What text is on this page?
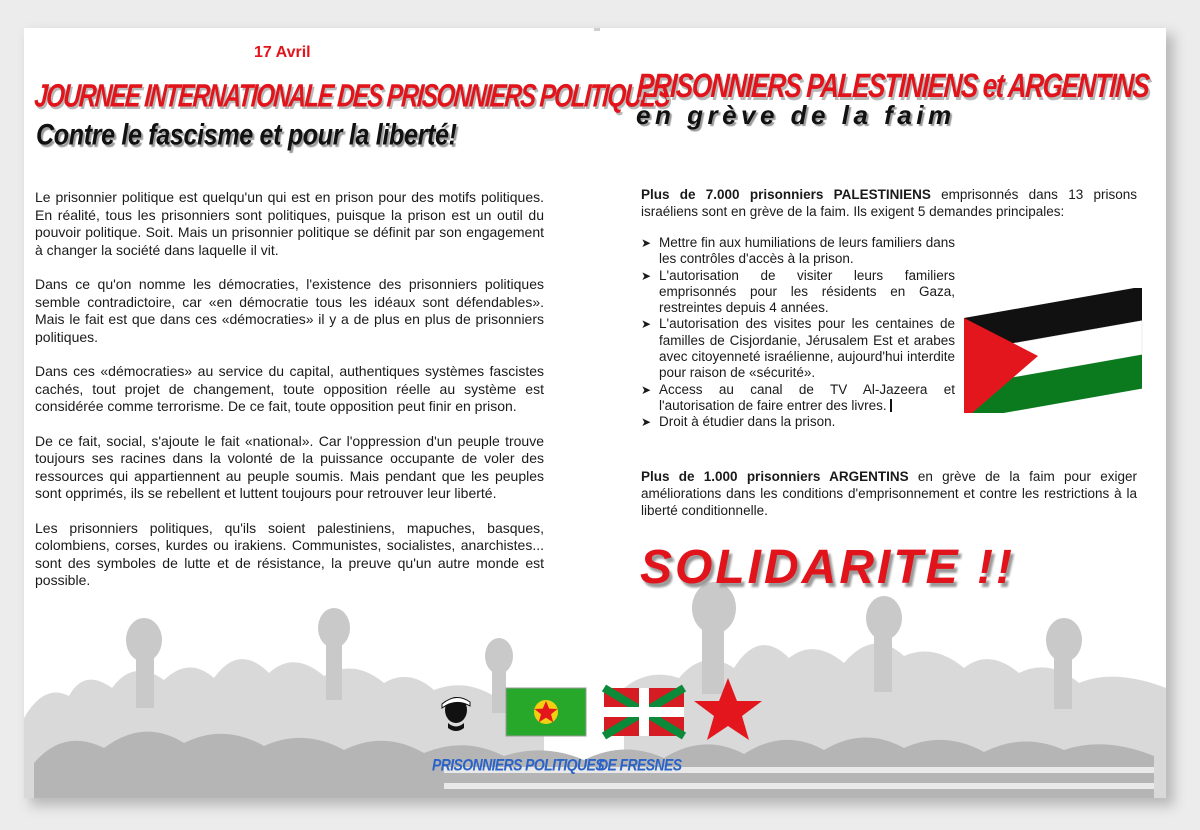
17 Avril
JOURNEE INTERNATIONALE DES PRISONNIERS POLITIQUES
Contre le fascisme et pour la liberté!

Le prisonnier politique est quelqu'un qui est en prison pour des motifs politiques. En réalité, tous les prisonniers sont politiques, puisque la prison est un outil du pouvoir politique. Soit. Mais un prisonnier politique se définit par son engagement à changer la société dans laquelle il vit.

Dans ce qu'on nomme les démocraties, l'existence des prisonniers politiques semble contradictoire, car «en démocratie tous les idéaux sont défendables». Mais le fait est que dans ces «démocraties» il y a de plus en plus de prisonniers politiques.

Dans ces «démocraties» au service du capital, authentiques systèmes fascistes cachés, tout projet de changement, toute opposition réelle au système est considérée comme terrorisme. De ce fait, toute opposition peut finir en prison.

De ce fait, social, s'ajoute le fait «national». Car l'oppression d'un peuple trouve toujours ses racines dans la volonté de la puissance occupante de voler des ressources qui appartiennent au peuple soumis. Mais pendant que les peuples sont opprimés, ils se rebellent et luttent toujours pour retrouver leur liberté.

Les prisonniers politiques, qu'ils soient palestiniens, mapuches, basques, colombiens, corses, kurdes ou irakiens. Communistes, socialistes, anarchistes... sont des symboles de lutte et de résistance, la preuve qu'un autre monde est possible.

PRISONNIERS PALESTINIENS et ARGENTINS
en grève de la faim
Plus de 7.000 prisonniers PALESTINIENS emprisonnés dans 13 prisons israéliens sont en grève de la faim. Ils exigent 5 demandes principales:
➤ Mettre fin aux humiliations de leurs familiers dans les contrôles d'accès à la prison.
➤ L'autorisation de visiter leurs familiers emprisonnés pour les résidents en Gaza, restreintes depuis 4 années.
➤ L'autorisation des visites pour les centaines de familles de Cisjordanie, Jérusalem Est et arabes avec citoyenneté israélienne, aujourd'hui interdite pour raison de «sécurité».
➤ Access au canal de TV Al-Jazeera et l'autorisation de faire entrer des livres.
➤ Droit à étudier dans la prison.
Plus de 1.000 prisonniers ARGENTINS en grève de la faim pour exiger améliorations dans les conditions d'emprisonnement et contre les restrictions à la liberté conditionnelle.
SOLIDARITE !!
PRISONNIERS POLITIQUES
DE FRESNES
